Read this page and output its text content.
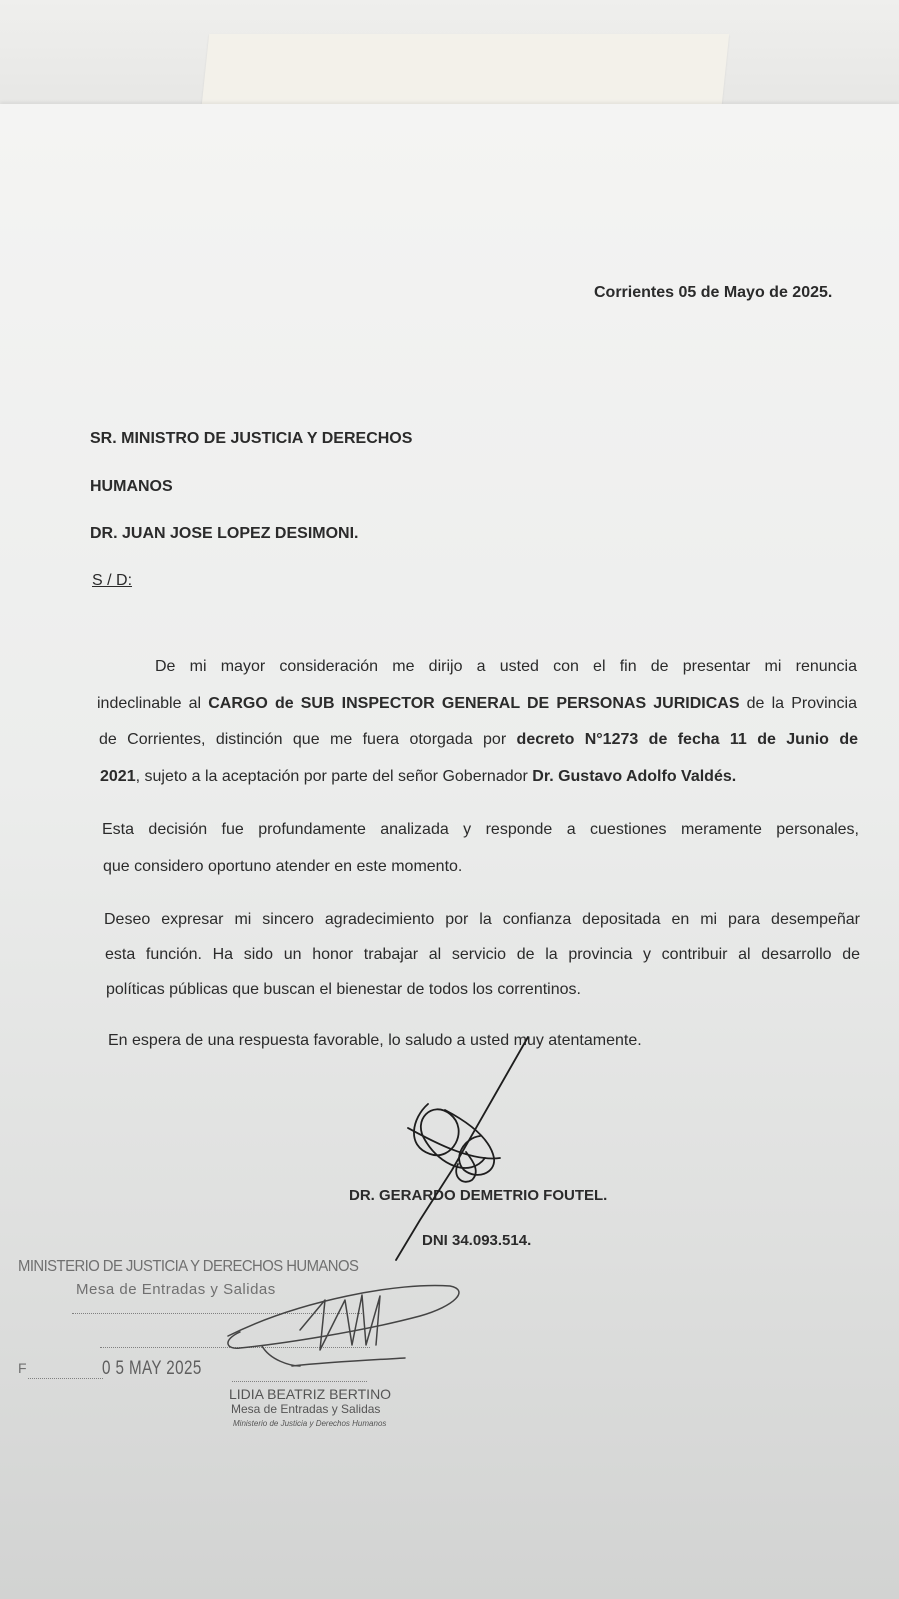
Corrientes 05 de Mayo de 2025.

SR. MINISTRO DE JUSTICIA Y DERECHOS

HUMANOS

DR. JUAN JOSE LOPEZ DESIMONI.

S / D:

De mi mayor consideración me dirijo a usted con el fin de presentar mi renuncia

indeclinable al CARGO de SUB INSPECTOR GENERAL DE PERSONAS JURIDICAS de la Provincia

de Corrientes, distinción que me fuera otorgada por decreto N°1273 de fecha 11 de Junio de

2021, sujeto a la aceptación por parte del señor Gobernador Dr. Gustavo Adolfo Valdés.

Esta decisión fue profundamente analizada y responde a cuestiones meramente personales,

que considero oportuno atender en este momento.

Deseo expresar mi sincero agradecimiento por la confianza depositada en mi para desempeñar

esta función. Ha sido un honor trabajar al servicio de la provincia y contribuir al desarrollo de

políticas públicas que buscan el bienestar de todos los correntinos.

En espera de una respuesta favorable, lo saludo a usted muy atentamente.

DR. GERARDO DEMETRIO FOUTEL.

DNI 34.093.514.

MINISTERIO DE JUSTICIA Y DERECHOS HUMANOS

Mesa de Entradas y Salidas

F	0 5 MAY 2025

LIDIA BEATRIZ BERTINO

Mesa de Entradas y Salidas

Ministerio de Justicia y Derechos Humanos
